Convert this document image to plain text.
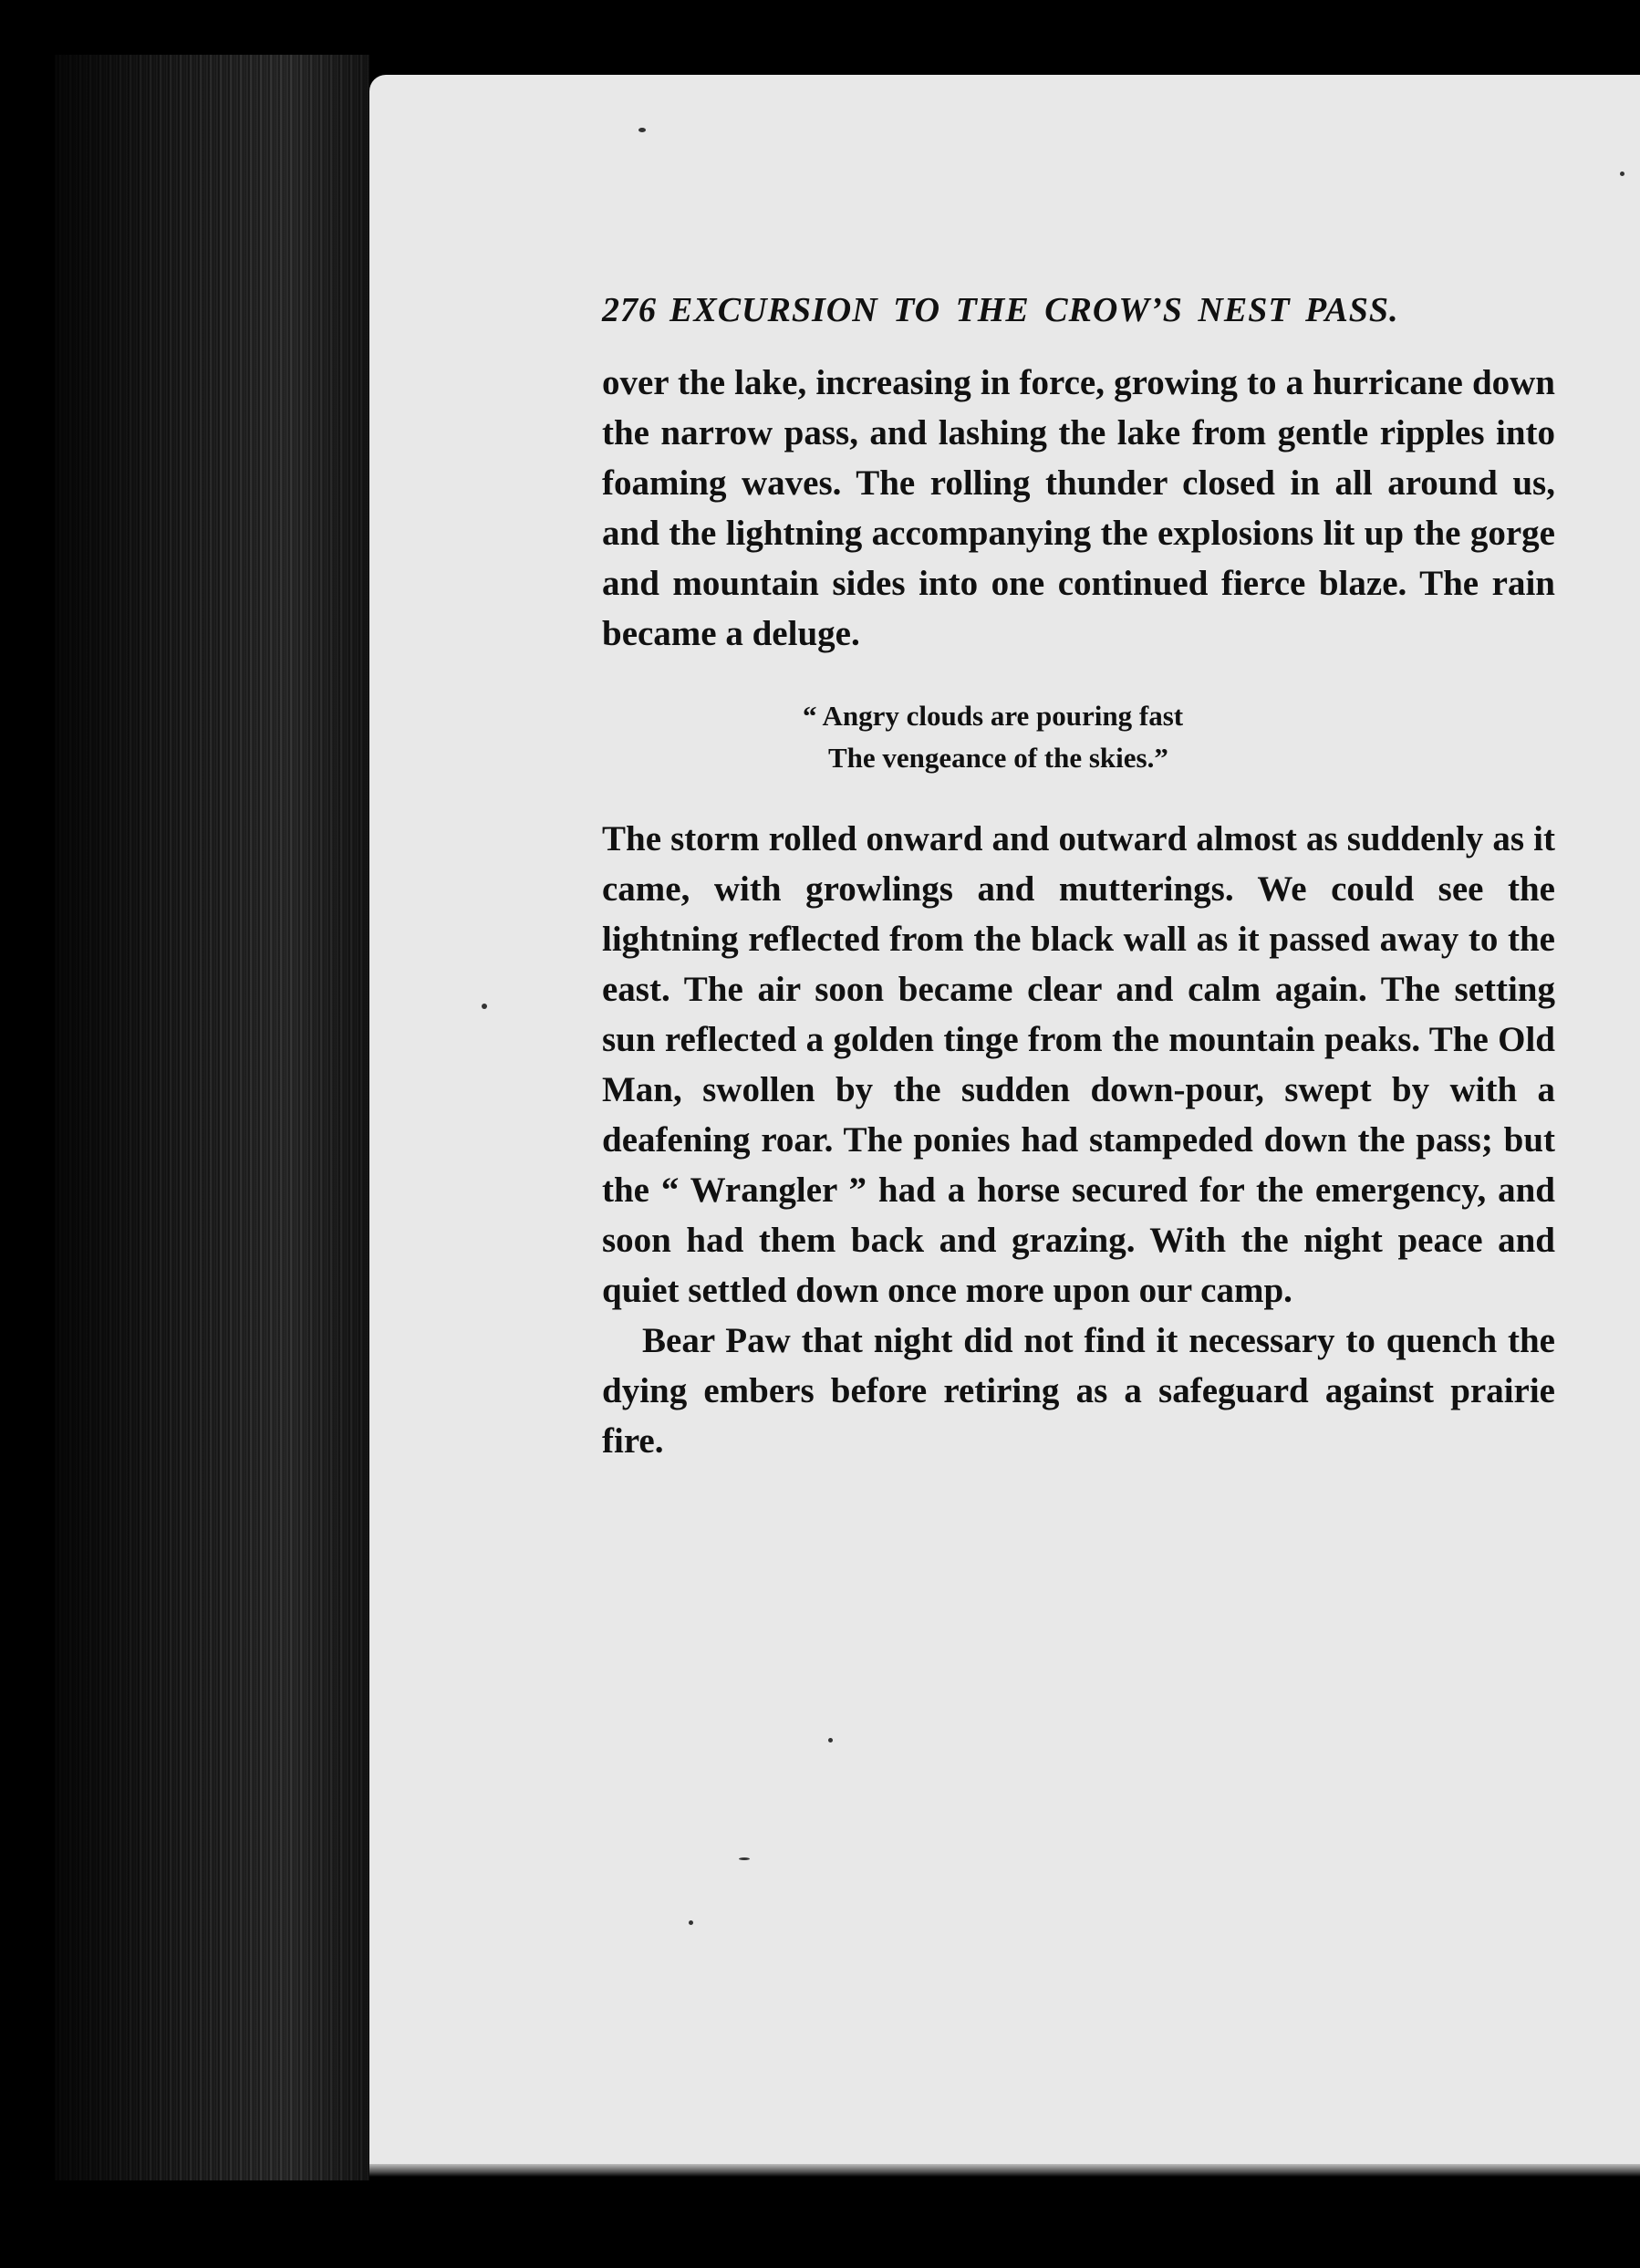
276 EXCURSION TO THE CROW’S NEST PASS.

over the lake, increasing in force, growing to a hurricane down the narrow pass, and lashing the lake from gentle ripples into foaming waves. The rolling thunder closed in all around us, and the lightning accompanying the explosions lit up the gorge and mountain sides into one continued fierce blaze. The rain became a deluge.

“ Angry clouds are pouring fast
The vengeance of the skies.”

The storm rolled onward and outward almost as suddenly as it came, with growlings and mutterings. We could see the lightning reflected from the black wall as it passed away to the east. The air soon became clear and calm again. The setting sun reflected a golden tinge from the mountain peaks. The Old Man, swollen by the sudden down-pour, swept by with a deafening roar. The ponies had stampeded down the pass; but the “ Wrangler ” had a horse secured for the emergency, and soon had them back and grazing. With the night peace and quiet settled down once more upon our camp.

Bear Paw that night did not find it necessary to quench the dying embers before retiring as a safeguard against prairie fire.
